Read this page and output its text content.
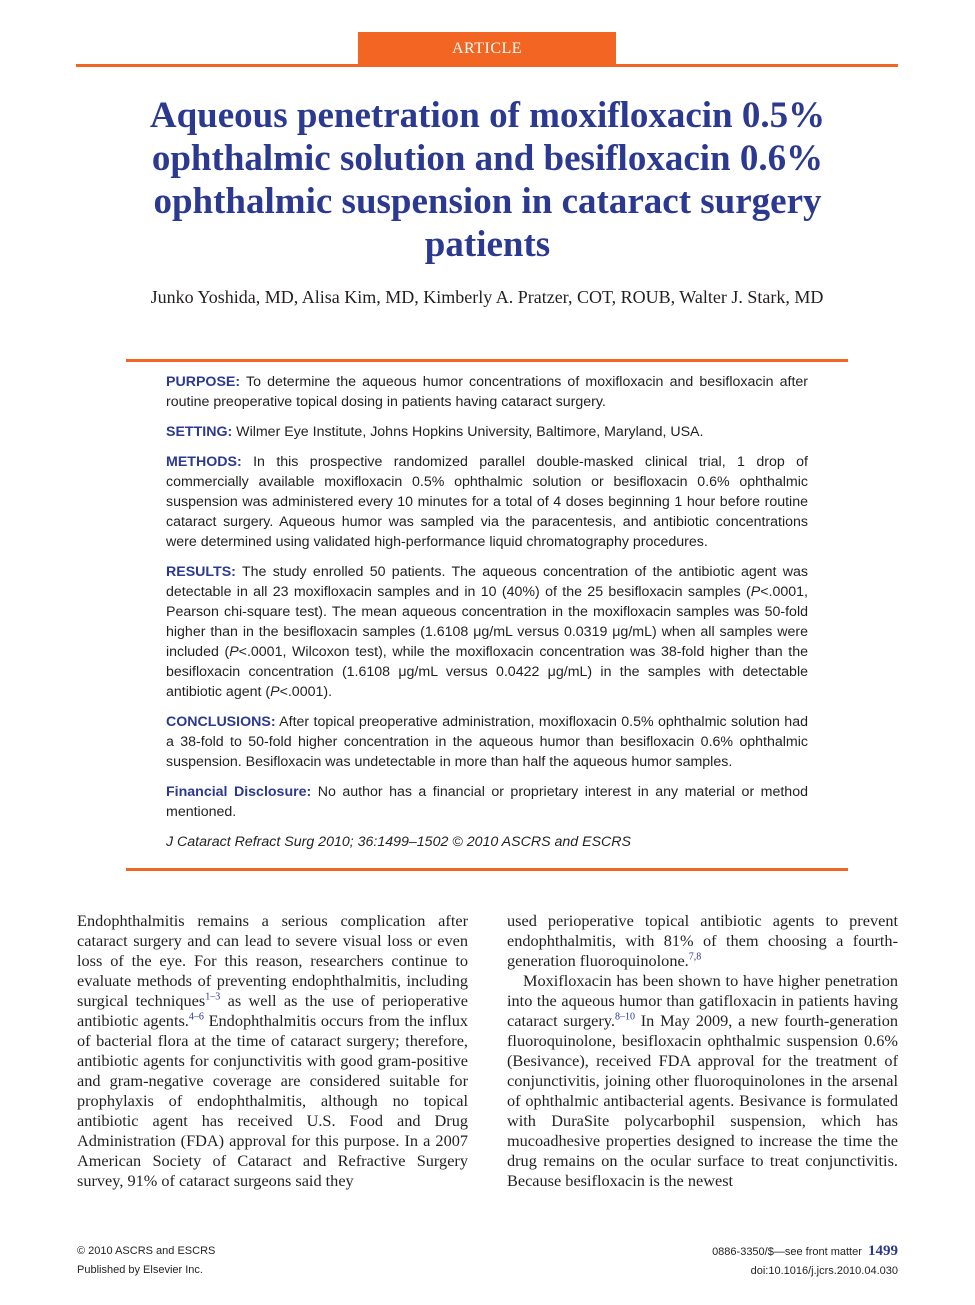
ARTICLE
Aqueous penetration of moxifloxacin 0.5% ophthalmic solution and besifloxacin 0.6% ophthalmic suspension in cataract surgery patients
Junko Yoshida, MD, Alisa Kim, MD, Kimberly A. Pratzer, COT, ROUB, Walter J. Stark, MD

PURPOSE: To determine the aqueous humor concentrations of moxifloxacin and besifloxacin after routine preoperative topical dosing in patients having cataract surgery.

SETTING: Wilmer Eye Institute, Johns Hopkins University, Baltimore, Maryland, USA.

METHODS: In this prospective randomized parallel double-masked clinical trial, 1 drop of commercially available moxifloxacin 0.5% ophthalmic solution or besifloxacin 0.6% ophthalmic suspension was administered every 10 minutes for a total of 4 doses beginning 1 hour before routine cataract surgery. Aqueous humor was sampled via the paracentesis, and antibiotic concentrations were determined using validated high-performance liquid chromatography procedures.

RESULTS: The study enrolled 50 patients. The aqueous concentration of the antibiotic agent was detectable in all 23 moxifloxacin samples and in 10 (40%) of the 25 besifloxacin samples (P<.0001, Pearson chi-square test). The mean aqueous concentration in the moxifloxacin samples was 50-fold higher than in the besifloxacin samples (1.6108 μg/mL versus 0.0319 μg/mL) when all samples were included (P<.0001, Wilcoxon test), while the moxifloxacin concentration was 38-fold higher than the besifloxacin concentration (1.6108 μg/mL versus 0.0422 μg/mL) in the samples with detectable antibiotic agent (P<.0001).

CONCLUSIONS: After topical preoperative administration, moxifloxacin 0.5% ophthalmic solution had a 38-fold to 50-fold higher concentration in the aqueous humor than besifloxacin 0.6% ophthalmic suspension. Besifloxacin was undetectable in more than half the aqueous humor samples.

Financial Disclosure: No author has a financial or proprietary interest in any material or method mentioned.

J Cataract Refract Surg 2010; 36:1499–1502 © 2010 ASCRS and ESCRS

Endophthalmitis remains a serious complication after cataract surgery and can lead to severe visual loss or even loss of the eye. For this reason, researchers continue to evaluate methods of preventing endophthalmitis, including surgical techniques$^{1-3}$ as well as the use of perioperative antibiotic agents.$^{4-6}$ Endophthalmitis occurs from the influx of bacterial flora at the time of cataract surgery; therefore, antibiotic agents for conjunctivitis with good gram-positive and gram-negative coverage are considered suitable for prophylaxis of endophthalmitis, although no topical antibiotic agent has received U.S. Food and Drug Administration (FDA) approval for this purpose. In a 2007 American Society of Cataract and Refractive Surgery survey, 91% of cataract surgeons said they

used perioperative topical antibiotic agents to prevent endophthalmitis, with 81% of them choosing a fourth-generation fluoroquinolone.$^{7,8}$

Moxifloxacin has been shown to have higher penetration into the aqueous humor than gatifloxacin in patients having cataract surgery.$^{8-10}$ In May 2009, a new fourth-generation fluoroquinolone, besifloxacin ophthalmic suspension 0.6% (Besivance), received FDA approval for the treatment of conjunctivitis, joining other fluoroquinolones in the arsenal of ophthalmic antibacterial agents. Besivance is formulated with DuraSite polycarbophil suspension, which has mucoadhesive properties designed to increase the time the drug remains on the ocular surface to treat conjunctivitis. Because besifloxacin is the newest

© 2010 ASCRS and ESCRS
Published by Elsevier Inc.
0886-3350/$—see front matter 1499
doi:10.1016/j.jcrs.2010.04.030
